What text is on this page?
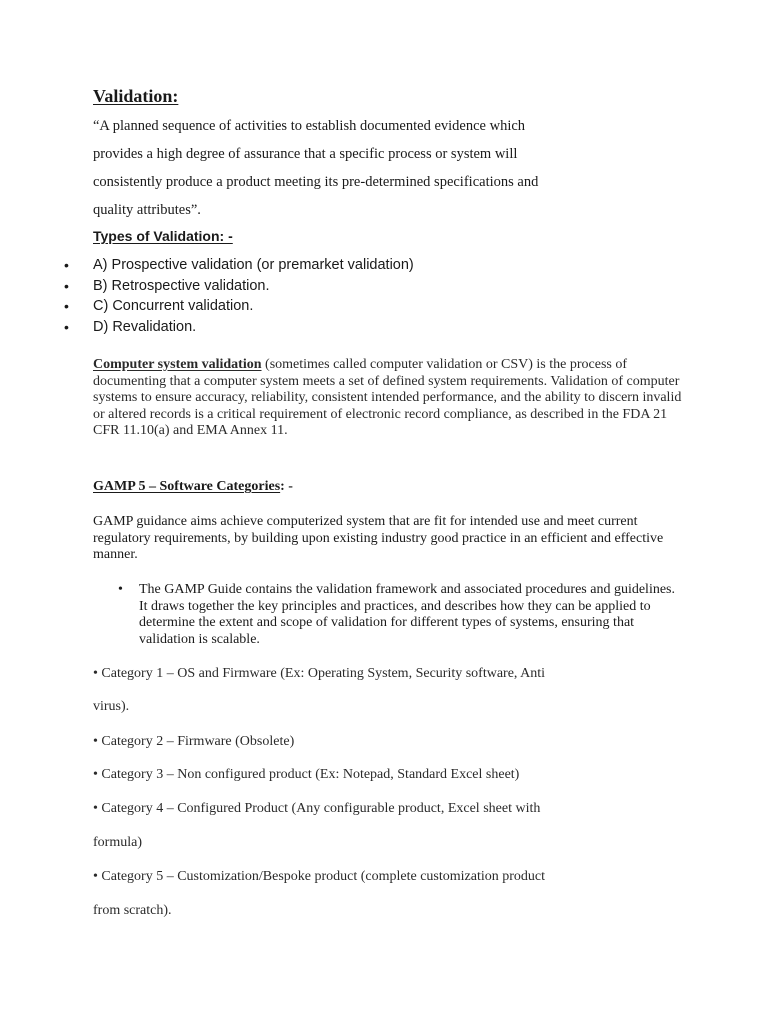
Validation:

“A planned sequence of activities to establish documented evidence which

provides a high degree of assurance that a specific process or system will

consistently produce a product meeting its pre-determined specifications and

quality attributes”.

Types of Validation: -

• A) Prospective validation (or premarket validation)
• B) Retrospective validation.
• C) Concurrent validation.
• D) Revalidation.

Computer system validation (sometimes called computer validation or CSV) is the process of documenting that a computer system meets a set of defined system requirements. Validation of computer systems to ensure accuracy, reliability, consistent intended performance, and the ability to discern invalid or altered records is a critical requirement of electronic record compliance, as described in the FDA 21 CFR 11.10(a) and EMA Annex 11.

GAMP 5 – Software Categories: -

GAMP guidance aims achieve computerized system that are fit for intended use and meet current regulatory requirements, by building upon existing industry good practice in an efficient and effective manner.

• The GAMP Guide contains the validation framework and associated procedures and guidelines. It draws together the key principles and practices, and describes how they can be applied to determine the extent and scope of validation for different types of systems, ensuring that validation is scalable.

• Category 1 – OS and Firmware (Ex: Operating System, Security software, Anti

virus).

• Category 2 – Firmware (Obsolete)

• Category 3 – Non configured product (Ex: Notepad, Standard Excel sheet)

• Category 4 – Configured Product (Any configurable product, Excel sheet with

formula)

• Category 5 – Customization/Bespoke product (complete customization product

from scratch).
